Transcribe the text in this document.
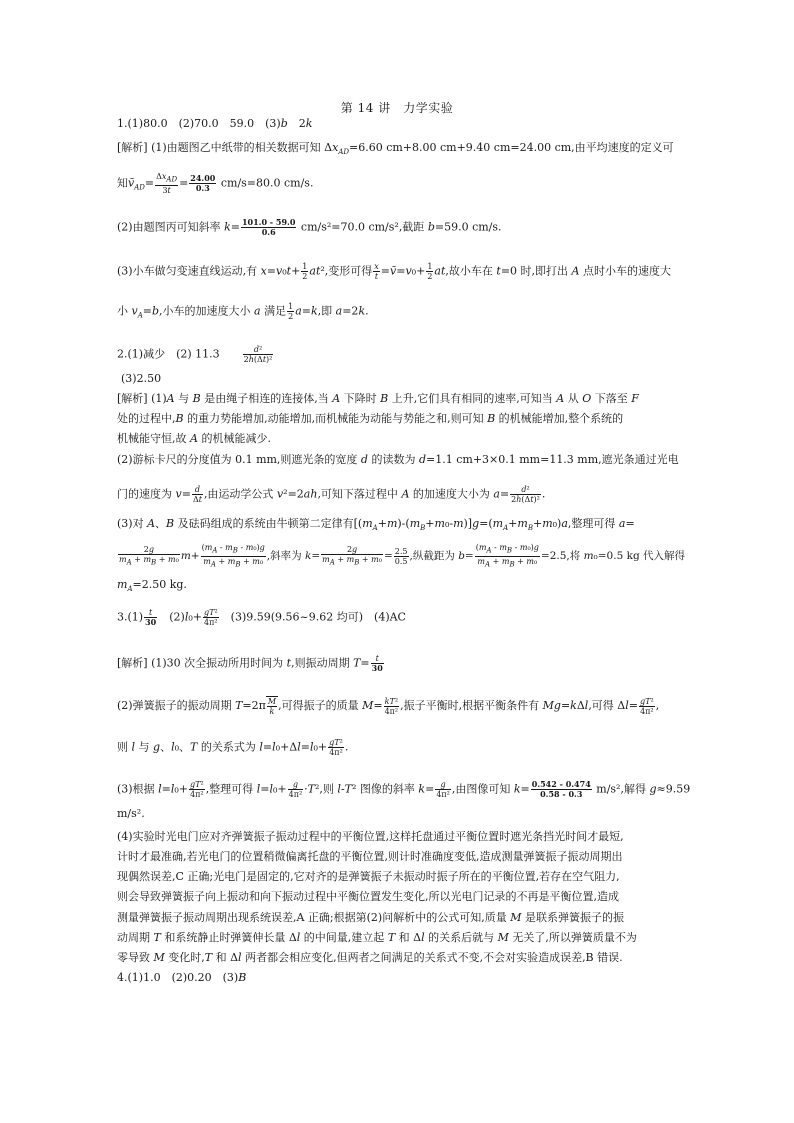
第 14 讲　力学实验
1.(1)80.0　(2)70.0　59.0　(3)b　2k
[解析] (1)由题图乙中纸带的相关数据可知 $\Delta x_{AD}=6.60$ cm+8.00 cm+9.40 cm=24.00 cm,由平均速度的定义可
知$v̄_{AD}= \frac{\Delta x_{AD}}{3t} = \frac{24.00}{0.3} cm/s=80.0$ cm/s.
(2)由题图丙可知斜率 $k= \frac{101.0 - 59.0}{0.6} cm/s^2=70.0$ cm/s²,截距 b=59.0 cm/s.
(3)小车做匀变速直线运动,有 $x=v_0t+ \frac{1}{2} at^2$,变形可得 $\frac{x}{t}$ =v̄=v₀+ $\frac{1}{2}$ at,故小车在 t=0 时,即打出 A 点时小车的速度大
小 $v_A=b$,小车的加速度大小 a 满足 $\frac{1}{2} a=k$,即 a=2k.
2.(1)减少　(2) 11.3　　 $\frac{\text{d²}}{\text{2h(Δt)²}}$
(3)2.50
[解析] (1)A 与 B 是由绳子相连的连接体,当 A 下降时 B 上升,它们具有相同的速率,可知当 A 从 O 下落至 F
处的过程中,B 的重力势能增加,动能增加,而机械能为动能与势能之和,则可知 B 的机械能增加,整个系统的
机械能守恒,故 A 的机械能减少.
(2)游标卡尺的分度值为 0.1 mm,则遮光条的宽度 d 的读数为 d=1.1 cm+3×0.1 mm=11.3 mm,遮光条通过光电
门的速度为 $v= \frac{d}{\Delta t}$ ,由运动学公式 v²=2ah,可知下落过程中 A 的加速度大小为 $a= \frac{\text{d²}}{\text{2h(Δt)²}}$ .
(3)对 A、B 及砝码组成的系统由牛顿第二定律有$[(m_A+m)-(m_B+m_0-m)]g=(m_A+m_B+m_0)a$,整理可得 a=
$\frac{2g}{m_A + m_B + m_0} m+ \frac{(m_A - m_B - m_0)g}{m_A + m_B + m_0}$ ,斜率为 $k= \frac{2g}{m_A + m_B + m_0} = \frac{2.5}{0.5}$ ,纵截距为 $b= \frac{(m_A - m_B - m_0)g}{m_A + m_B + m_0} =2.5$,将 m₀=0.5 kg 代入解得
$m_A=2.50$ kg.
$3.(1) \frac{t}{30}$ 　$(2)l_0+ \frac{\text{gT²}}{\text{4π²}}$ 　(3)9.59(9.56~9.62 均可)　(4)AC
[解析] (1)30 次全振动所用时间为 t,则振动周期 $T= \frac{t}{30}$
(2)弹簧振子的振动周期 $T=2\pi \frac{M}{k}$ ,可得振子的质量 $M= \frac{\text{kT²}}{\text{4π²}}$ ,振子平衡时,根据平衡条件有 Mg=kΔl,可得 $\Delta l= \frac{\text{gT²}}{\text{4π²}}$ ,
则 l 与 g、l₀、T 的关系式为 $l=l_0+\Delta l=l_0+ \frac{\text{gT²}}{\text{4π²}}$ .
(3)根据 $l=l_0+ \frac{\text{gT²}}{\text{4π²}}$ ,整理可得 $l=l_0+ \frac{g}{\text{4π²}} \cdot T^2$,则 l-T² 图像的斜率 $k= \frac{g}{\text{4π²}}$ ,由图像可知 $k= \frac{0.542 - 0.474}{0.58 - 0.3} m/s^2$,解得 g≈9.59
m/s².
(4)实验时光电门应对齐弹簧振子振动过程中的平衡位置,这样托盘通过平衡位置时遮光条挡光时间才最短,
计时才最准确,若光电门的位置稍微偏离托盘的平衡位置,则计时准确度变低,造成测量弹簧振子振动周期出
现偶然误差,C 正确;光电门是固定的,它对齐的是弹簧振子未振动时振子所在的平衡位置,若存在空气阻力,
则会导致弹簧振子向上振动和向下振动过程中平衡位置发生变化,所以光电门记录的不再是平衡位置,造成
测量弹簧振子振动周期出现系统误差,A 正确;根据第(2)问解析中的公式可知,质量 M 是联系弹簧振子的振
动周期 T 和系统静止时弹簧伸长量 Δl 的中间量,建立起 T 和 Δl 的关系后就与 M 无关了,所以弹簧质量不为
零导致 M 变化时,T 和 Δl 两者都会相应变化,但两者之间满足的关系式不变,不会对实验造成误差,B 错误.
4.(1)1.0　(2)0.20　(3)B
